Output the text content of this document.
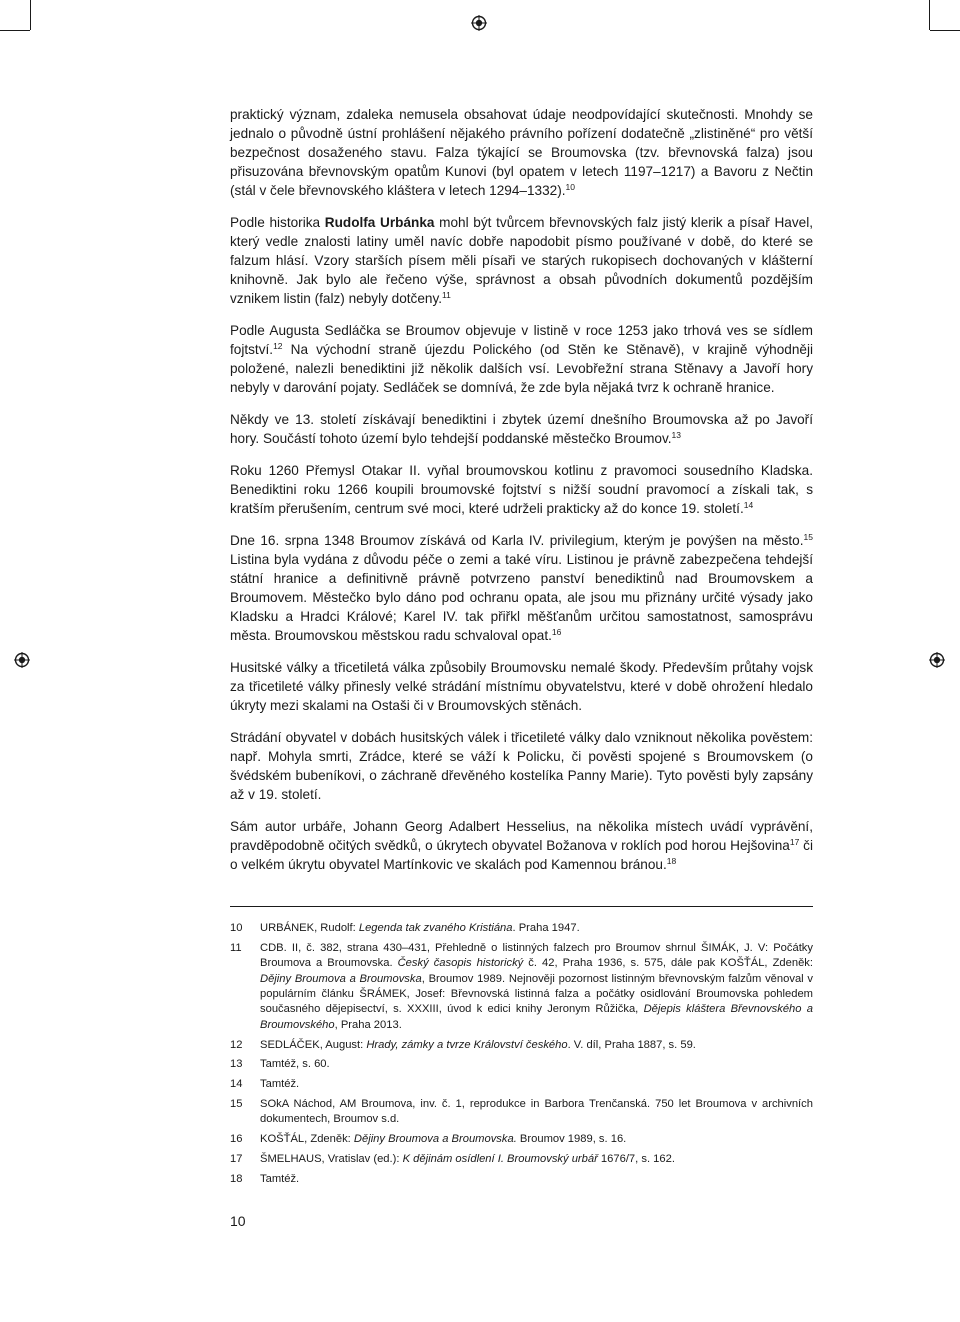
praktický význam, zdaleka nemusela obsahovat údaje neodpovídající skutečnosti. Mnohdy se jednalo o původně ústní prohlášení nějakého právního pořízení dodatečně „zlistiněné“ pro větší bezpečnost dosaženého stavu. Falza týkající se Broumovska (tzv. břevnovská falza) jsou přisuzována břevnovským opatům Kunovi (byl opatem v letech 1197–1217) a Bavoru z Nečtin (stál v čele břevnovského kláštera v letech 1294–1332).$^{10}$

Podle historika Rudolfa Urbánka mohl být tvůrcem břevnovských falz jistý klerik a písař Havel, který vedle znalosti latiny uměl navíc dobře napodobit písmo používané v době, do které se falzum hlásí. Vzory starších písem měli písaři ve starých rukopisech dochovaných v klášterní knihovně. Jak bylo ale řečeno výše, správnost a obsah původních dokumentů pozdějším vznikem listin (falz) nebyly dotčeny.$^{11}$

Podle Augusta Sedláčka se Broumov objevuje v listině v roce 1253 jako trhová ves se sídlem fojtství.$^{12}$ Na východní straně újezdu Polického (od Stěn ke Stěnavě), v krajině výhodněji položené, nalezli benediktini již několik dalších vsí. Levobřežní strana Stěnavy a Javoří hory nebyly v darování pojaty. Sedláček se domnívá, že zde byla nějaká tvrz k ochraně hranice.

Někdy ve 13. století získávají benediktini i zbytek území dnešního Broumovska až po Javoří hory. Součástí tohoto území bylo tehdejší poddanské městečko Broumov.$^{13}$

Roku 1260 Přemysl Otakar II. vyňal broumovskou kotlinu z pravomoci sousedního Kladska. Benediktini roku 1266 koupili broumovské fojtství s nižší soudní pravomocí a získali tak, s kratším přerušením, centrum své moci, které udrželi prakticky až do konce 19. století.$^{14}$

Dne 16. srpna 1348 Broumov získává od Karla IV. privilegium, kterým je povýšen na město.$^{15}$ Listina byla vydána z důvodu péče o zemi a také víru. Listinou je právně zabezpečena tehdejší státní hranice a definitivně právně potvrzeno panství benediktinů nad Broumovskem a Broumovem. Městečko bylo dáno pod ochranu opata, ale jsou mu přiznány určité výsady jako Kladsku a Hradci Králové; Karel IV. tak přiřkl měšťanům určitou samostatnost, samosprávu města. Broumovskou městskou radu schvaloval opat.$^{16}$

Husitské války a třicetiletá válka způsobily Broumovsku nemalé škody. Především průtahy vojsk za třicetileté války přinesly velké strádání místnímu obyvatelstvu, které v době ohrožení hledalo úkryty mezi skalami na Ostaši či v Broumovských stěnách.

Strádání obyvatel v dobách husitských válek i třicetileté války dalo vzniknout několika pověstem: např. Mohyla smrti, Zrádce, které se váží k Policku, či pověsti spojené s Broumovskem (o švédském bubeníkovi, o záchraně dřevěného kostelíka Panny Marie). Tyto pověsti byly zapsány až v 19. století.

Sám autor urbáře, Johann Georg Adalbert Hesselius, na několika místech uvádí vyprávění, pravděpodobně očitých svědků, o úkrytech obyvatel Božanova v roklích pod horou Hejšovina$^{17}$ či o velkém úkrytu obyvatel Martínkovic ve skalách pod Kamennou bránou.$^{18}$

10	URBÁNEK, Rudolf: Legenda tak zvaného Kristiána. Praha 1947.
11	CDB. II, č. 382, strana 430–431, Přehledně o listinných falzech pro Broumov shrnul ŠIMÁK, J. V: Počátky Broumova a Broumovska. Český časopis historický č. 42, Praha 1936, s. 575, dále pak KOŠŤÁL, Zdeněk: Dějiny Broumova a Broumovska, Broumov 1989. Nejnověji pozornost listinným břevnovským falzům věnoval v populárním článku ŠRÁMEK, Josef: Břevnovská listinná falza a počátky osidlování Broumovska pohledem současného dějepisectví, s. XXXIII, úvod k edici knihy Jeronym Růžička, Dějepis kláštera Břevnovského a Broumovského, Praha 2013.
12	SEDLÁČEK, August: Hrady, zámky a tvrze Království českého. V. díl, Praha 1887, s. 59.
13	Tamtéž, s. 60.
14	Tamtéž.
15	SOkA Náchod, AM Broumova, inv. č. 1, reprodukce in Barbora Trenčanská. 750 let Broumova v archivních dokumentech, Broumov s.d.
16	KOŠŤÁL, Zdeněk: Dějiny Broumova a Broumovska. Broumov 1989, s. 16.
17	ŠMELHAUS, Vratislav (ed.): K dějinám osídlení I. Broumovský urbář 1676/7, s. 162.
18	Tamtéž.
10
